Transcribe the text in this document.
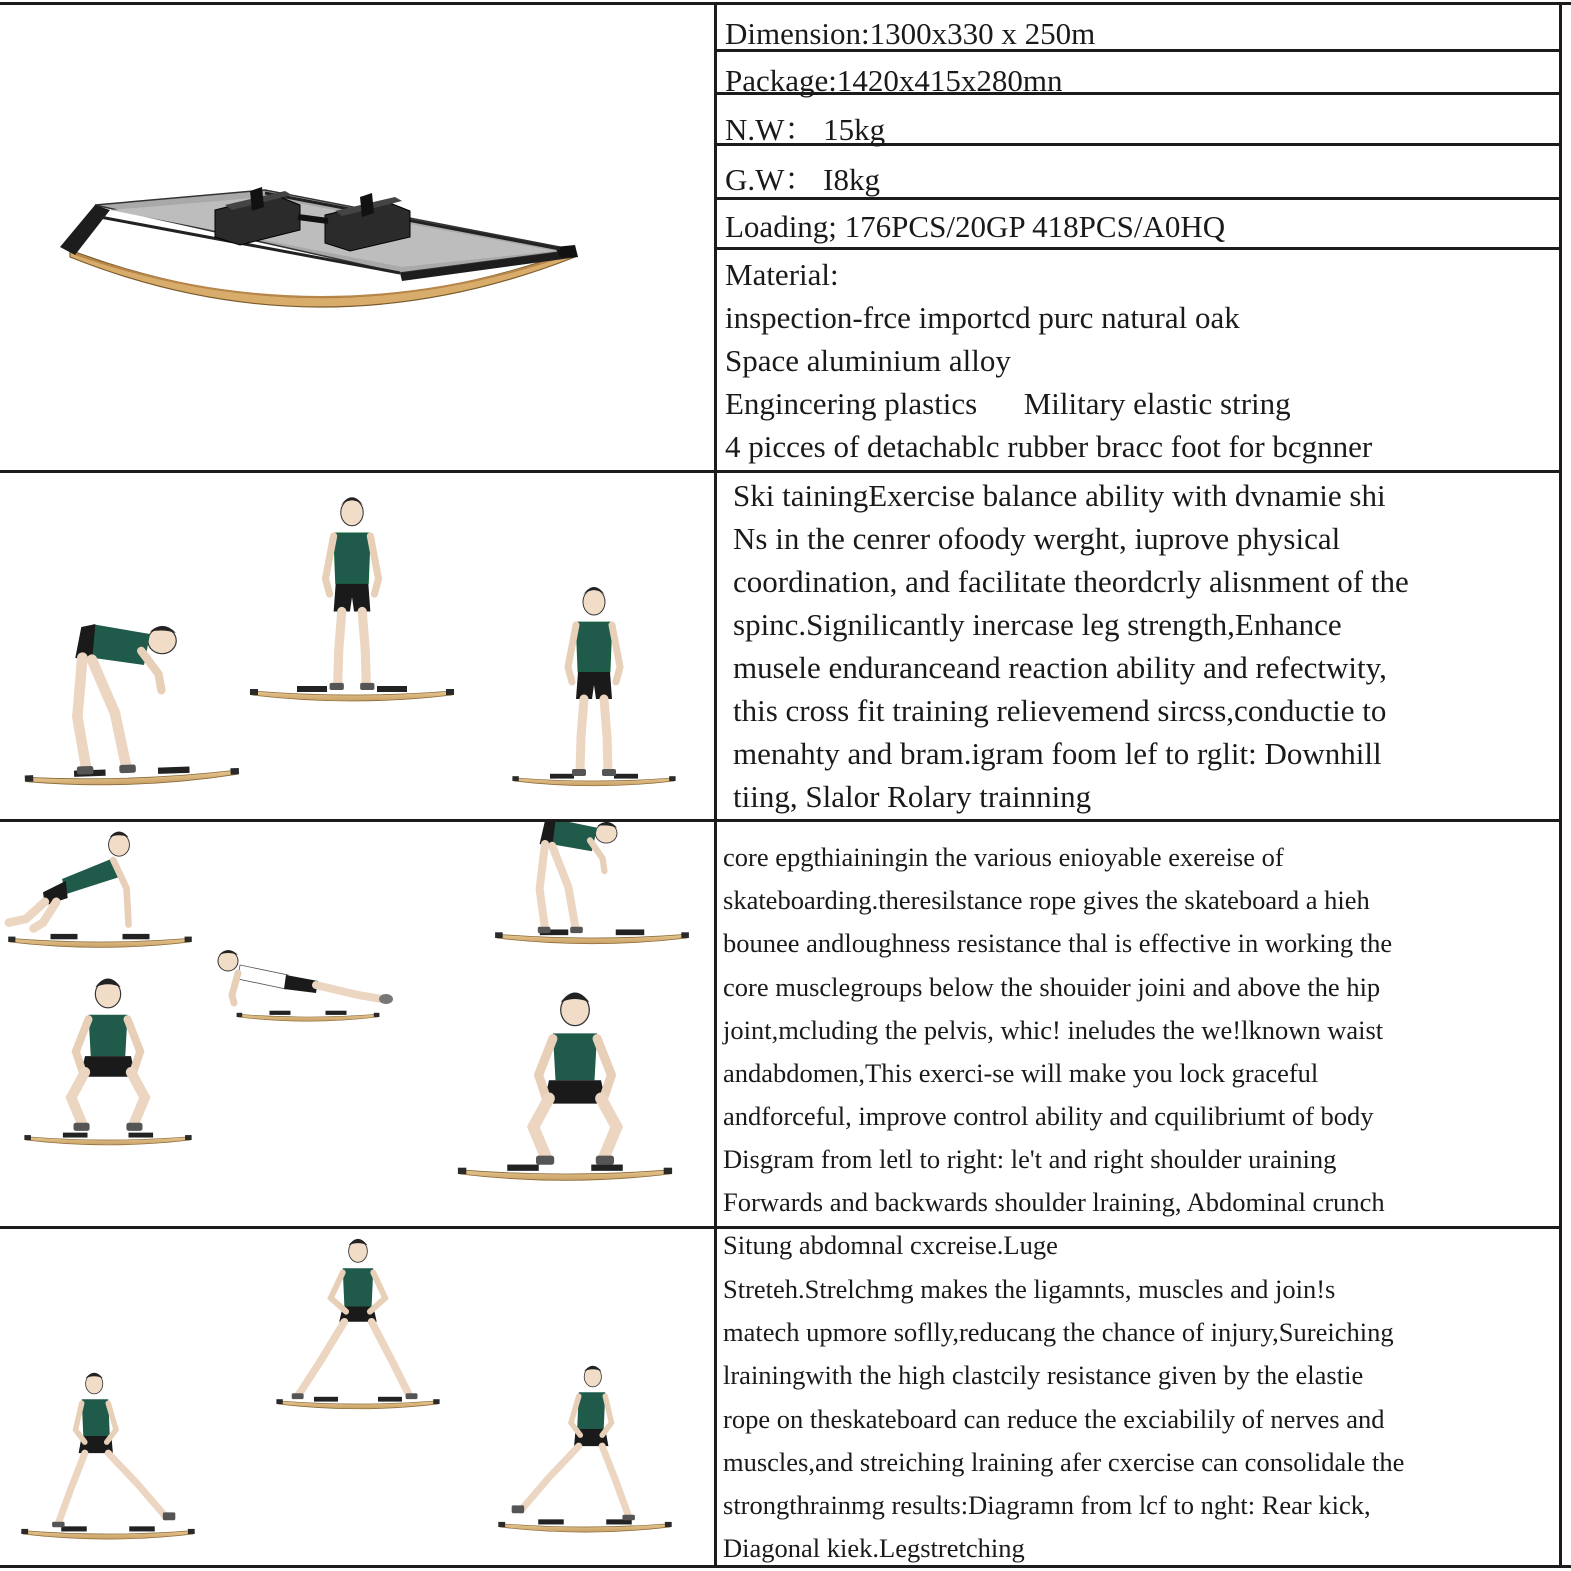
Dimension:1300x330 x 250m
Package:1420x415x280mn
N.W： 15kg
G.W： I8kg
Loading; 176PCS/20GP 418PCS/A0HQ
Material:
inspection-frce importcd purc natural oak
Space aluminium alloy
Engincering plastics      Military elastic string
4 picces of detachablc rubber bracc foot for bcgnner
Ski tainingExercise balance ability with dvnamie shi
Ns in the cenrer ofoody werght, iuprove physical
coordination, and facilitate theordcrly alisnment of the
spinc.Signilicantly inercase leg strength,Enhance
musele enduranceand reaction ability and refectwity,
this cross fit training relievemend sircss,conductie to
menahty and bram.igram foom lef to rglit: Downhill
tiing, Slalor Rolary trainning
core epgthiainingin the various enioyable exereise of
skateboarding.theresilstance rope gives the skateboard a hieh
bounee andloughness resistance thal is effective in working the
core musclegroups below the shouider joini and above the hip
joint,mcluding the pelvis, whic! ineludes the we!lknown waist
andabdomen,This exerci-se will make you lock graceful
andforceful, improve control ability and cquilibriumt of body
Disgram from letl to right: le't and right shoulder uraining
Forwards and backwards shoulder lraining, Abdominal crunch
Situng abdomnal cxcreise.Luge
Streteh.Strelchmg makes the ligamnts, muscles and join!s
matech upmore soflly,reducang the chance of injury,Sureiching
lrainingwith the high clastcily resistance given by the elastie
rope on theskateboard can reduce the exciabilily of nerves and
muscles,and streiching lraining afer cxercise can consolidale the
strongthrainmg results:Diagramn from lcf to nght: Rear kick,
Diagonal kiek.Legstretching
